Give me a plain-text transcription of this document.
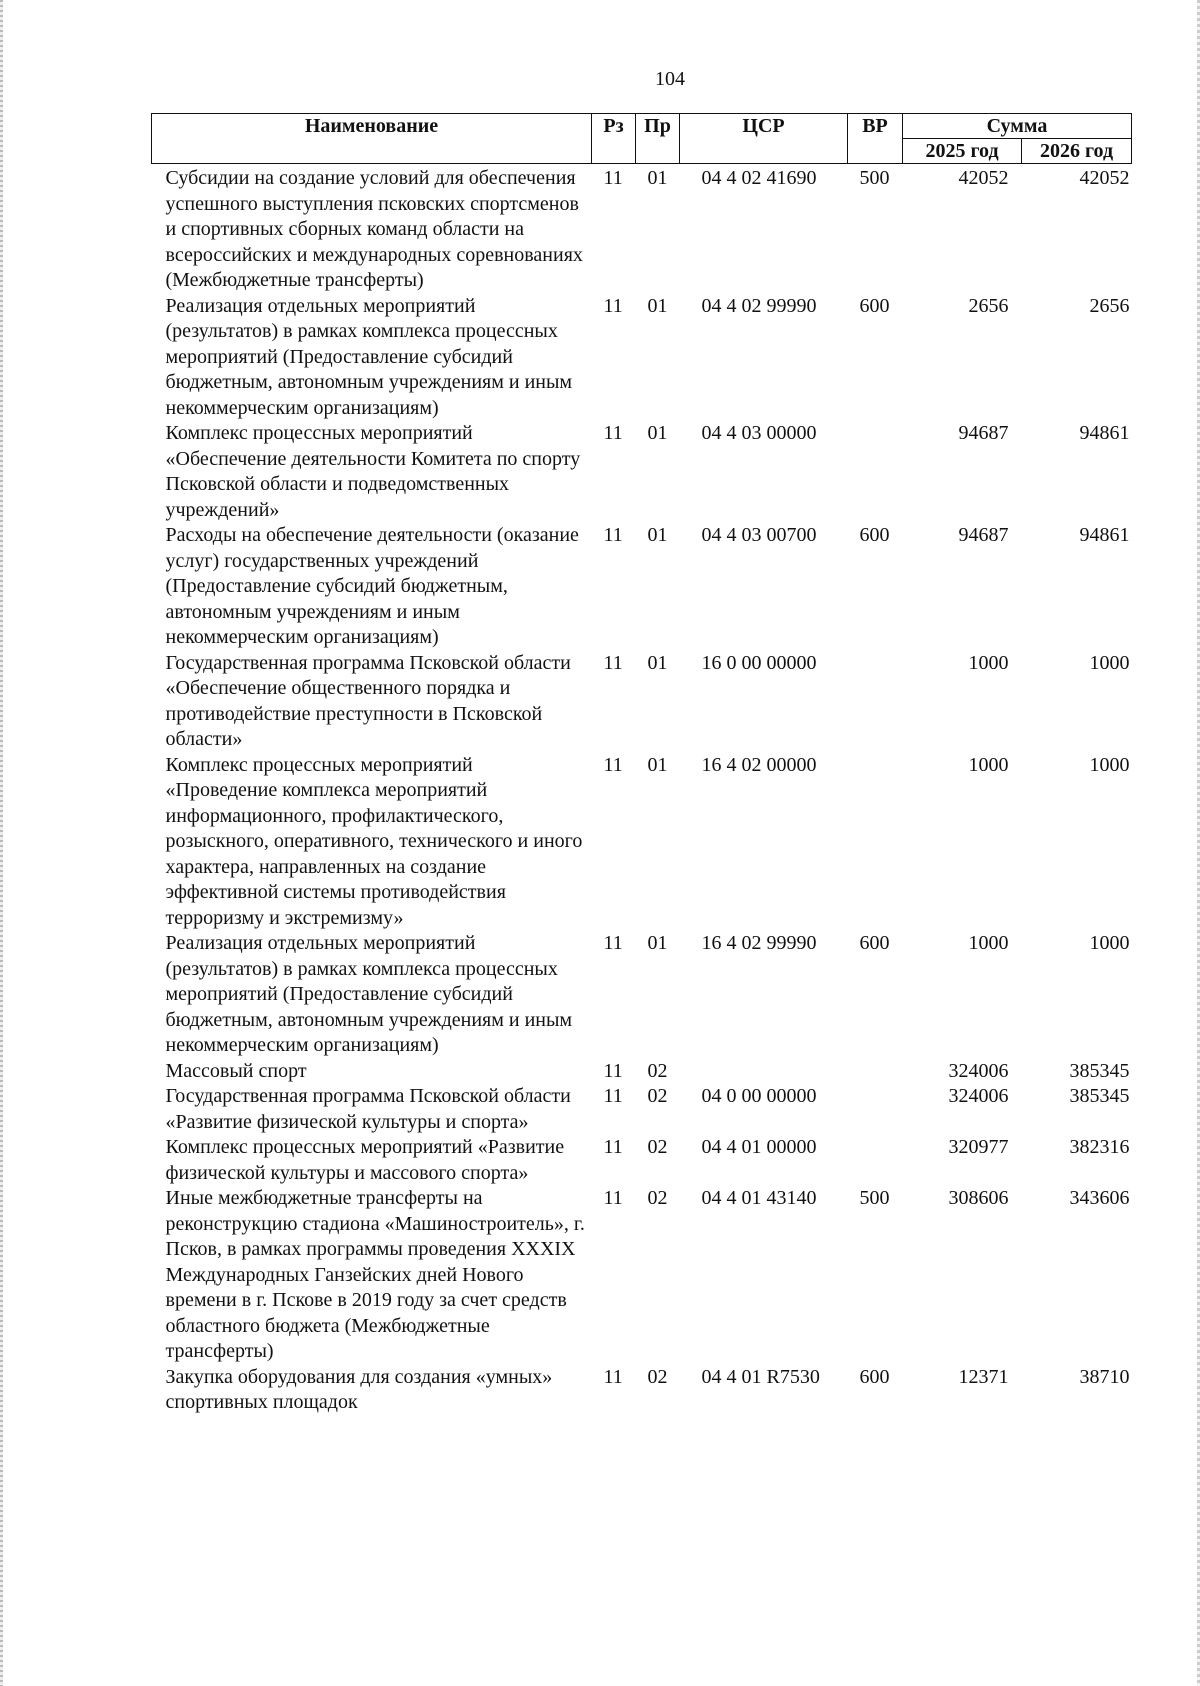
104
Наименование	Рз	Пр	ЦСР	ВР	Сумма	
					2025 год	2026 год
Субсидии на создание условий для обеспечения успешного выступления псковских спортсменов и спортивных сборных команд области на всероссийских и международных соревнованиях (Межбюджетные трансферты)	11	01	04 4 02 41690	500	42052	42052
Реализация отдельных мероприятий (результатов) в рамках комплекса процессных мероприятий (Предоставление субсидий бюджетным, автономным учреждениям и иным некоммерческим организациям)	11	01	04 4 02 99990	600	2656	2656
Комплекс процессных мероприятий «Обеспечение деятельности Комитета по спорту Псковской области и подведомственных учреждений»	11	01	04 4 03 00000		94687	94861
Расходы на обеспечение деятельности (оказание услуг) государственных учреждений (Предоставление субсидий бюджетным, автономным учреждениям и иным некоммерческим организациям)	11	01	04 4 03 00700	600	94687	94861
Государственная программа Псковской области «Обеспечение общественного порядка и противодействие преступности в Псковской области»	11	01	16 0 00 00000		1000	1000
Комплекс процессных мероприятий «Проведение комплекса мероприятий информационного, профилактического, розыскного, оперативного, технического и иного характера, направленных на создание эффективной системы противодействия терроризму и экстремизму»	11	01	16 4 02 00000		1000	1000
Реализация отдельных мероприятий (результатов) в рамках комплекса процессных мероприятий (Предоставление субсидий бюджетным, автономным учреждениям и иным некоммерческим организациям)	11	01	16 4 02 99990	600	1000	1000
Массовый спорт	11	02			324006	385345
Государственная программа Псковской области «Развитие физической культуры и спорта»	11	02	04 0 00 00000		324006	385345
Комплекс процессных мероприятий «Развитие физической культуры и массового спорта»	11	02	04 4 01 00000		320977	382316
Иные межбюджетные трансферты на реконструкцию стадиона «Машиностроитель», г. Псков, в рамках программы проведения XXXIX Международных Ганзейских дней Нового времени в г. Пскове в 2019 году за счет средств областного бюджета (Межбюджетные трансферты)	11	02	04 4 01 43140	500	308606	343606
Закупка оборудования для создания «умных» спортивных площадок	11	02	04 4 01 R7530	600	12371	38710
